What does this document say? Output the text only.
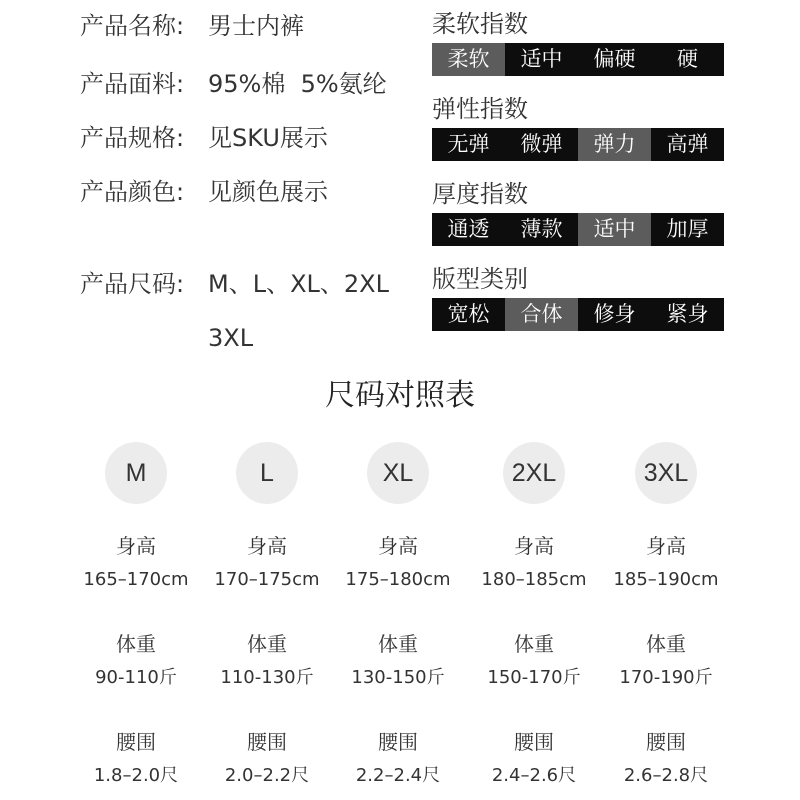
产品名称: 男士内裤
产品面料: 95%棉  5%氨纶
产品规格: 见SKU展示
产品颜色: 见颜色展示
产品尺码: M、L、XL、2XL
3XL
柔软指数
柔软	适中	偏硬	硬
弹性指数
无弹	微弹	弹力	高弹
厚度指数
通透	薄款	适中	加厚
版型类别
宽松	合体	修身	紧身
尺码对照表
M
身高
165–170cm
体重
90-110斤
腰围
1.8–2.0尺
L
身高
170–175cm
体重
110-130斤
腰围
2.0–2.2尺
XL
身高
175–180cm
体重
130-150斤
腰围
2.2–2.4尺
2XL
身高
180–185cm
体重
150-170斤
腰围
2.4–2.6尺
3XL
身高
185–190cm
体重
170-190斤
腰围
2.6–2.8尺
